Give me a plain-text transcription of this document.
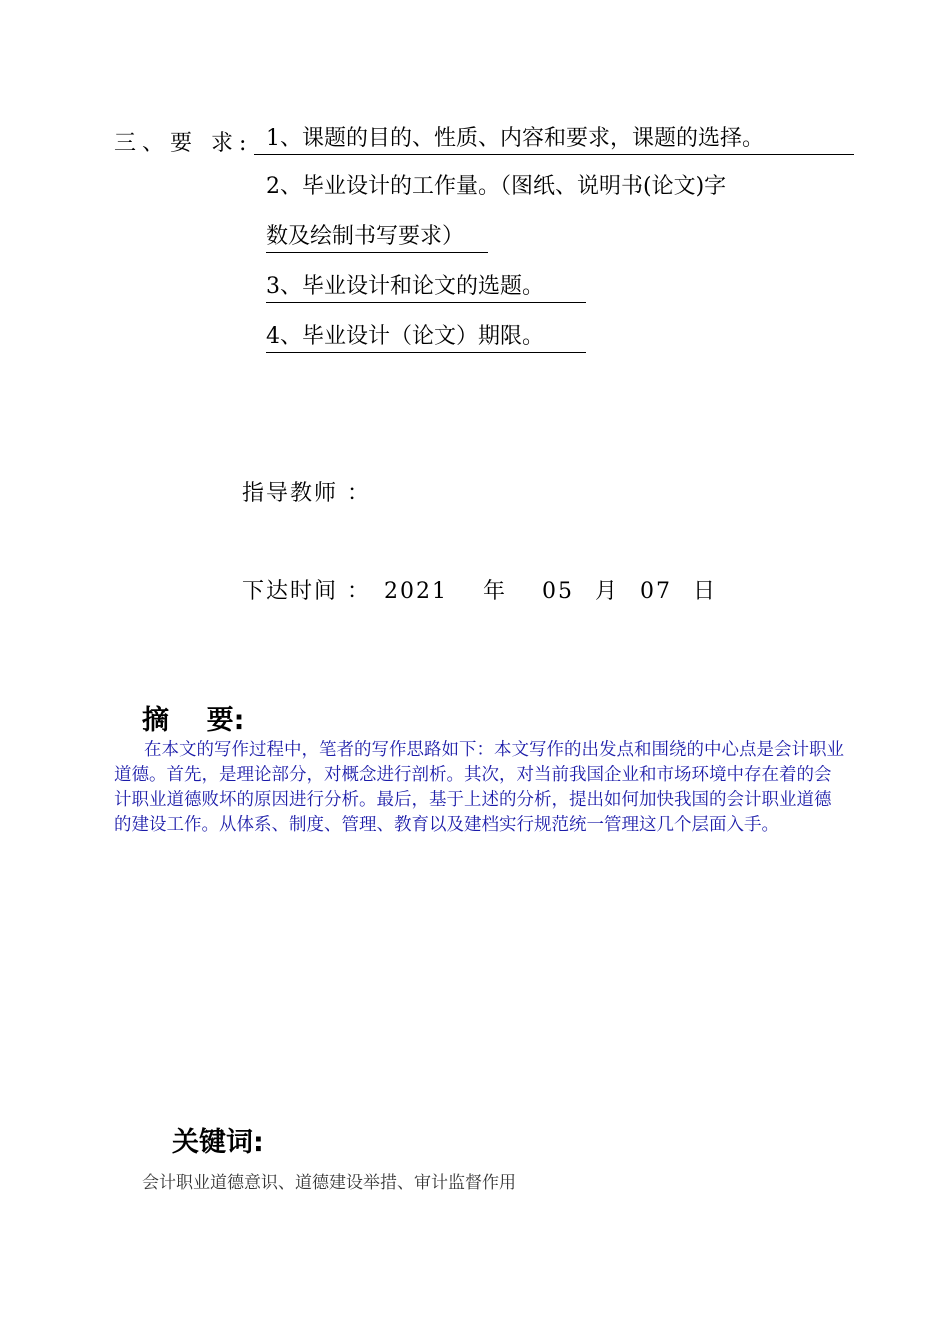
三、要 求: 1、课题的目的、性质、内容和要求，课题的选择。
2、毕业设计的工作量。（图纸、说明书(论文)字
数及绘制书写要求）
3、毕业设计和论文的选题。
4、毕业设计（论文）期限。
指导教师 ：
下达时间 ： 2021 年 05 月 07 日
摘    要:
在本文的写作过程中，笔者的写作思路如下：本文写作的出发点和围绕的中心点是会计职业道德。首先，是理论部分，对概念进行剖析。其次，对当前我国企业和市场环境中存在着的会计职业道德败坏的原因进行分析。最后，基于上述的分析，提出如何加快我国的会计职业道德的建设工作。从体系、制度、管理、教育以及建档实行规范统一管理这几个层面入手。
关键词:
会计职业道德意识、道德建设举措、审计监督作用
